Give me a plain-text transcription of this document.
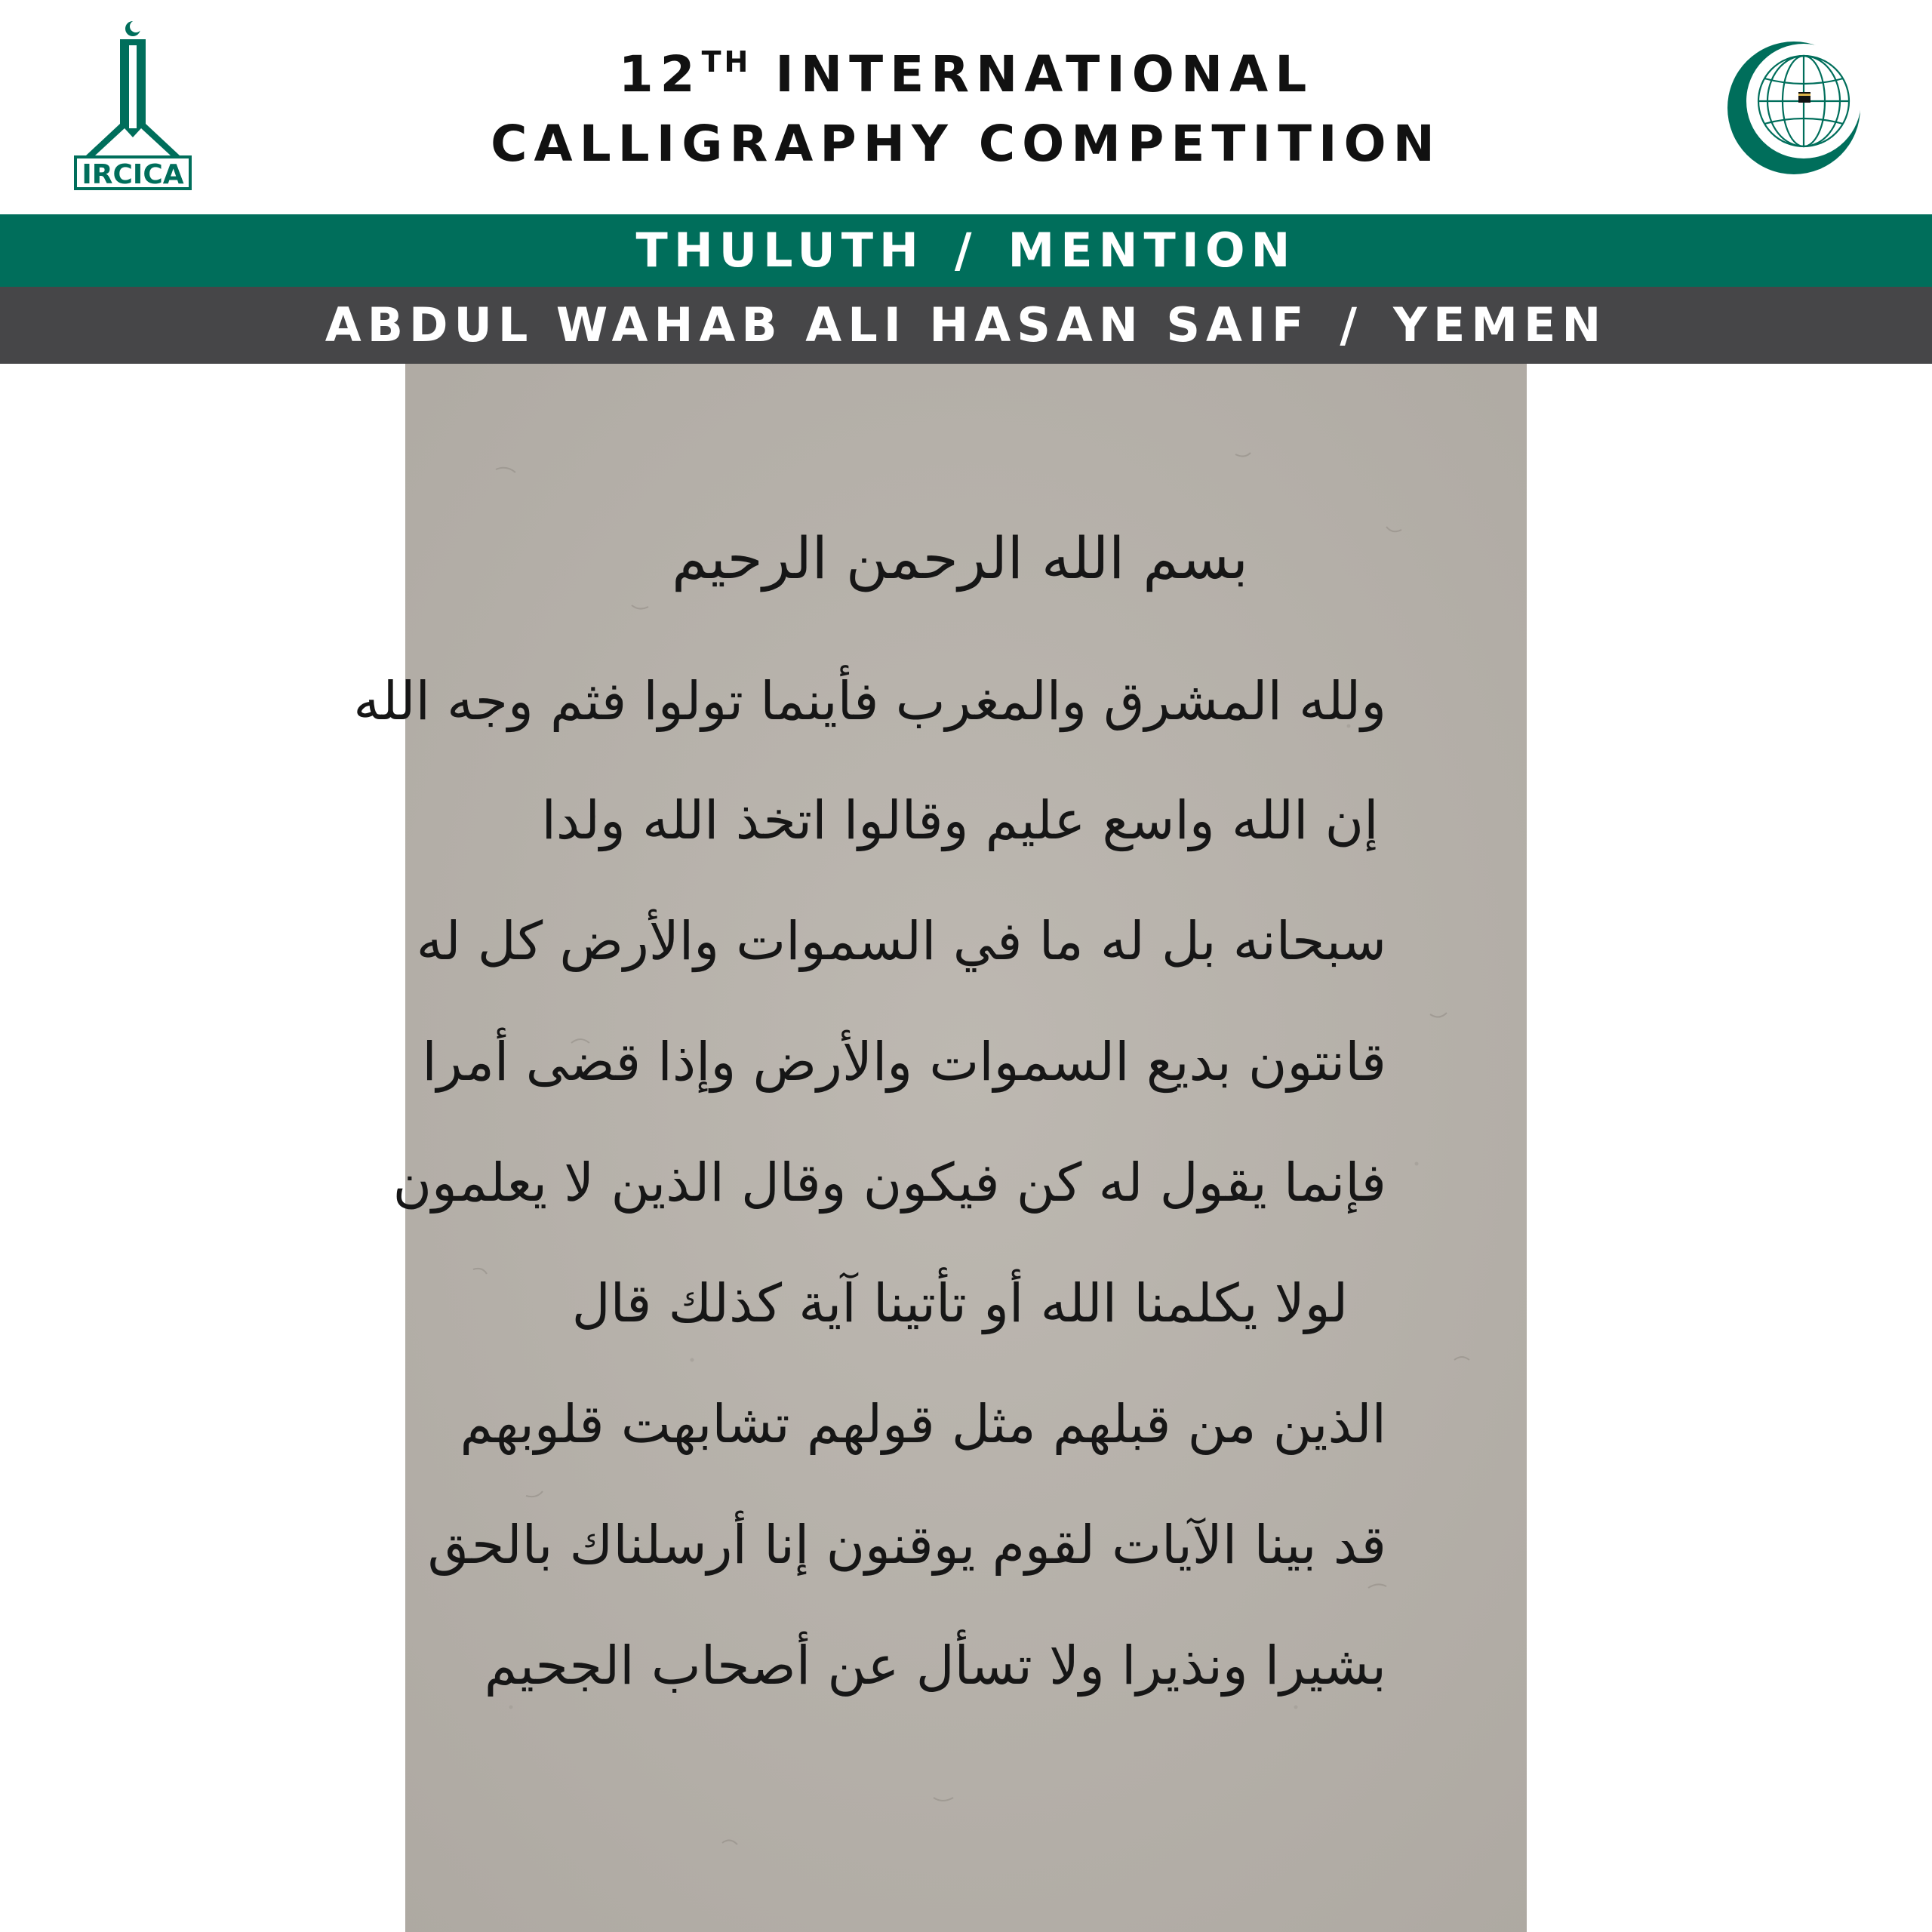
IRCICA
12TH INTERNATIONAL
CALLIGRAPHY COMPETITION
THULUTH / MENTION
ABDUL WAHAB ALI HASAN SAIF / YEMEN
بسم الله الرحمن الرحيم
ولله المشرق والمغرب فأينما تولوا فثم وجه الله
إن الله واسع عليم وقالوا اتخذ الله ولدا
سبحانه بل له ما في السموات والأرض كل له
قانتون بديع السموات والأرض وإذا قضى أمرا
فإنما يقول له كن فيكون وقال الذين لا يعلمون
لولا يكلمنا الله أو تأتينا آية كذلك قال
الذين من قبلهم مثل قولهم تشابهت قلوبهم
قد بينا الآيات لقوم يوقنون إنا أرسلناك بالحق
بشيرا ونذيرا ولا تسأل عن أصحاب الجحيم
